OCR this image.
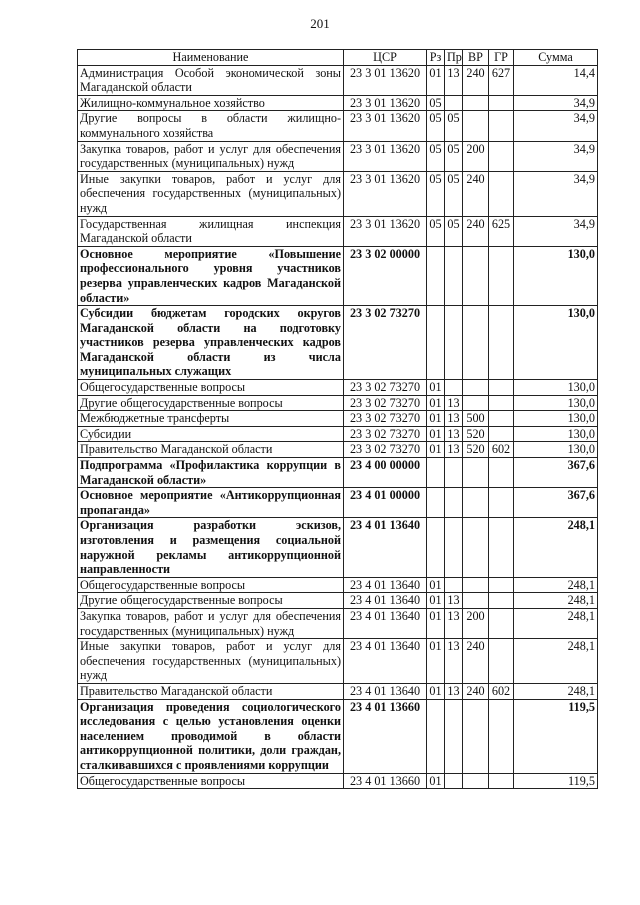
201
Наименование	ЦСР	Рз	Пр	ВР	ГР	Сумма
Администрация Особой экономической зоны Магаданской области	23 3 01 13620	01	13	240	627	14,4
Жилищно-коммунальное хозяйство	23 3 01 13620	05				34,9
Другие вопросы в области жилищно-коммунального хозяйства	23 3 01 13620	05	05			34,9
Закупка товаров, работ и услуг для обеспечения государственных (муниципальных) нужд	23 3 01 13620	05	05	200		34,9
Иные закупки товаров, работ и услуг для обеспечения государственных (муниципальных) нужд	23 3 01 13620	05	05	240		34,9
Государственная жилищная инспекция Магаданской области	23 3 01 13620	05	05	240	625	34,9
Основное мероприятие «Повышение профессионального уровня участников резерва управленческих кадров Магаданской области»	23 3 02 00000					130,0
Субсидии бюджетам городских округов Магаданской области на подготовку участников резерва управленческих кадров Магаданской области из числа муниципальных служащих	23 3 02 73270					130,0
Общегосударственные вопросы	23 3 02 73270	01				130,0
Другие общегосударственные вопросы	23 3 02 73270	01	13			130,0
Межбюджетные трансферты	23 3 02 73270	01	13	500		130,0
Субсидии	23 3 02 73270	01	13	520		130,0
Правительство Магаданской области	23 3 02 73270	01	13	520	602	130,0
Подпрограмма «Профилактика коррупции в Магаданской области»	23 4 00 00000					367,6
Основное мероприятие «Антикоррупционная пропаганда»	23 4 01 00000					367,6
Организация разработки эскизов, изготовления и размещения социальной наружной рекламы антикоррупционной направленности	23 4 01 13640					248,1
Общегосударственные вопросы	23 4 01 13640	01				248,1
Другие общегосударственные вопросы	23 4 01 13640	01	13			248,1
Закупка товаров, работ и услуг для обеспечения государственных (муниципальных) нужд	23 4 01 13640	01	13	200		248,1
Иные закупки товаров, работ и услуг для обеспечения государственных (муниципальных) нужд	23 4 01 13640	01	13	240		248,1
Правительство Магаданской области	23 4 01 13640	01	13	240	602	248,1
Организация проведения социологического исследования с целью установления оценки населением проводимой в области антикоррупционной политики, доли граждан, сталкивавшихся с проявлениями коррупции	23 4 01 13660					119,5
Общегосударственные вопросы	23 4 01 13660	01				119,5
